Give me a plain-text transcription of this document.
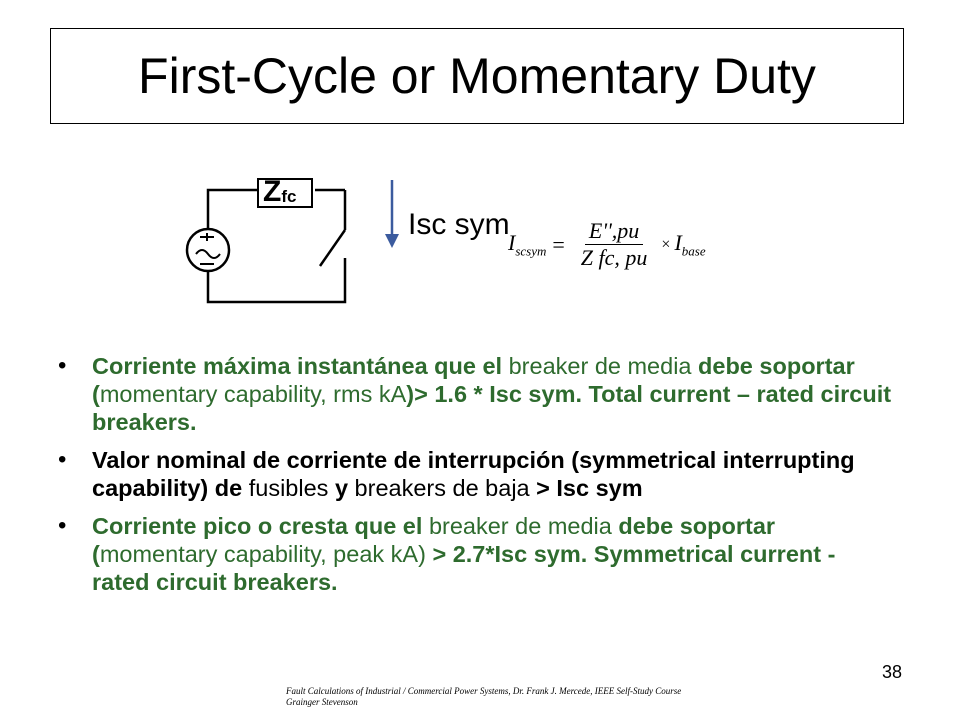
First-Cycle or Momentary Duty
Z fc
Isc sym
$I_{scsym} = \frac{E'',pu}{\text{Z fc, pu}} \times I_{base}$
•	Corriente máxima instantánea que el breaker de media debe soportar (momentary capability, rms kA)> 1.6 * Isc sym. Total current – rated circuit breakers.
•	Valor nominal de corriente de interrupción (symmetrical interrupting capability) de fusibles y breakers de baja > Isc sym
•	Corriente pico o cresta que el breaker de media debe soportar (momentary capability, peak kA) > 2.7*Isc sym. Symmetrical current - rated circuit breakers.
38
Fault Calculations of Industrial / Commercial Power Systems, Dr. Frank J. Mercede, IEEE Self-Study Course
Grainger Stevenson
